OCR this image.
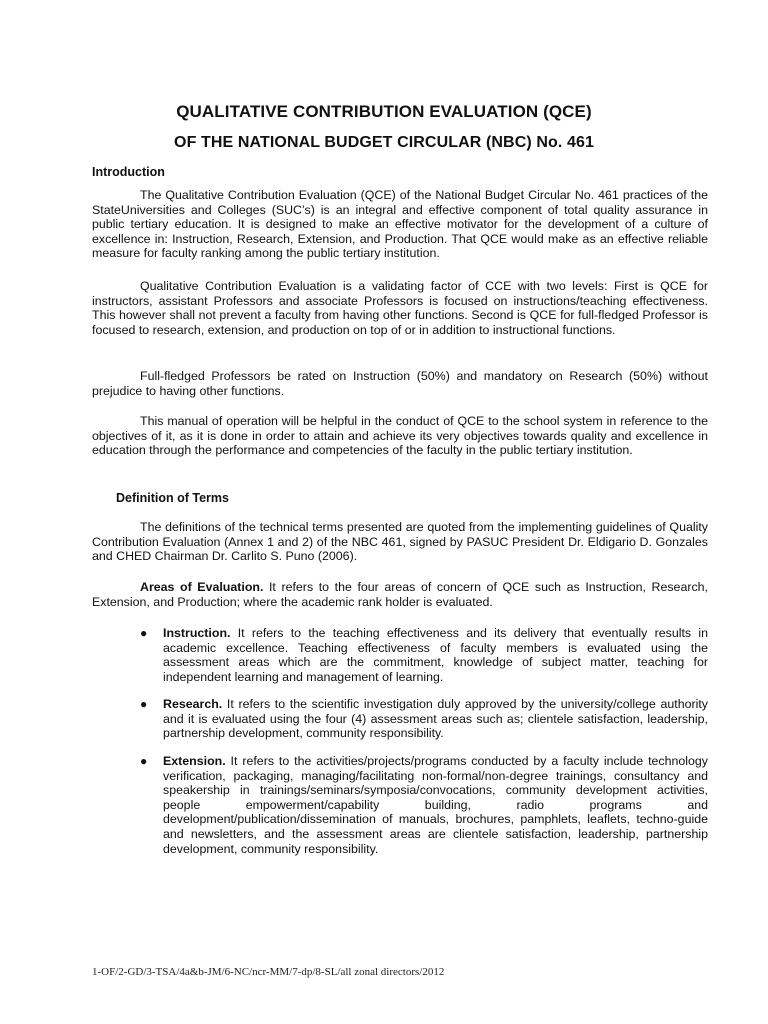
QUALITATIVE CONTRIBUTION EVALUATION (QCE)
OF THE NATIONAL BUDGET CIRCULAR (NBC) No. 461
Introduction
The Qualitative Contribution Evaluation (QCE) of the National Budget Circular No. 461 practices of the StateUniversities and Colleges (SUC’s) is an integral and effective component of total quality assurance in public tertiary education. It is designed to make an effective motivator for the development of a culture of excellence in: Instruction, Research, Extension, and Production. That QCE would make as an effective reliable measure for faculty ranking among the public tertiary institution.
Qualitative Contribution Evaluation is a validating factor of CCE with two levels: First is QCE for instructors, assistant Professors and associate Professors is focused on instructions/teaching effectiveness. This however shall not prevent a faculty from having other functions. Second is QCE for full-fledged Professor is focused to research, extension, and production on top of or in addition to instructional functions.
Full-fledged Professors be rated on Instruction (50%) and mandatory on Research (50%) without prejudice to having other functions.
This manual of operation will be helpful in the conduct of QCE to the school system in reference to the objectives of it, as it is done in order to attain and achieve its very objectives towards quality and excellence in education through the performance and competencies of the faculty in the public tertiary institution.
Definition of Terms
The definitions of the technical terms presented are quoted from the implementing guidelines of Quality Contribution Evaluation (Annex 1 and 2) of the NBC 461, signed by PASUC President Dr. Eldigario D. Gonzales and CHED Chairman Dr. Carlito S. Puno (2006).
Areas of Evaluation. It refers to the four areas of concern of QCE such as Instruction, Research, Extension, and Production; where the academic rank holder is evaluated.
● Instruction. It refers to the teaching effectiveness and its delivery that eventually results in academic excellence. Teaching effectiveness of faculty members is evaluated using the assessment areas which are the commitment, knowledge of subject matter, teaching for independent learning and management of learning.
● Research. It refers to the scientific investigation duly approved by the university/college authority and it is evaluated using the four (4) assessment areas such as; clientele satisfaction, leadership, partnership development, community responsibility.
● Extension. It refers to the activities/projects/programs conducted by a faculty include technology verification, packaging, managing/facilitating non-formal/non-degree trainings, consultancy and speakership in trainings/seminars/symposia/convocations, community development activities, people empowerment/capability building, radio programs and development/publication/dissemination of manuals, brochures, pamphlets, leaflets, techno-guide and newsletters, and the assessment areas are clientele satisfaction, leadership, partnership development, community responsibility.
1-OF/2-GD/3-TSA/4a&b-JM/6-NC/ncr-MM/7-dp/8-SL/all zonal directors/2012
